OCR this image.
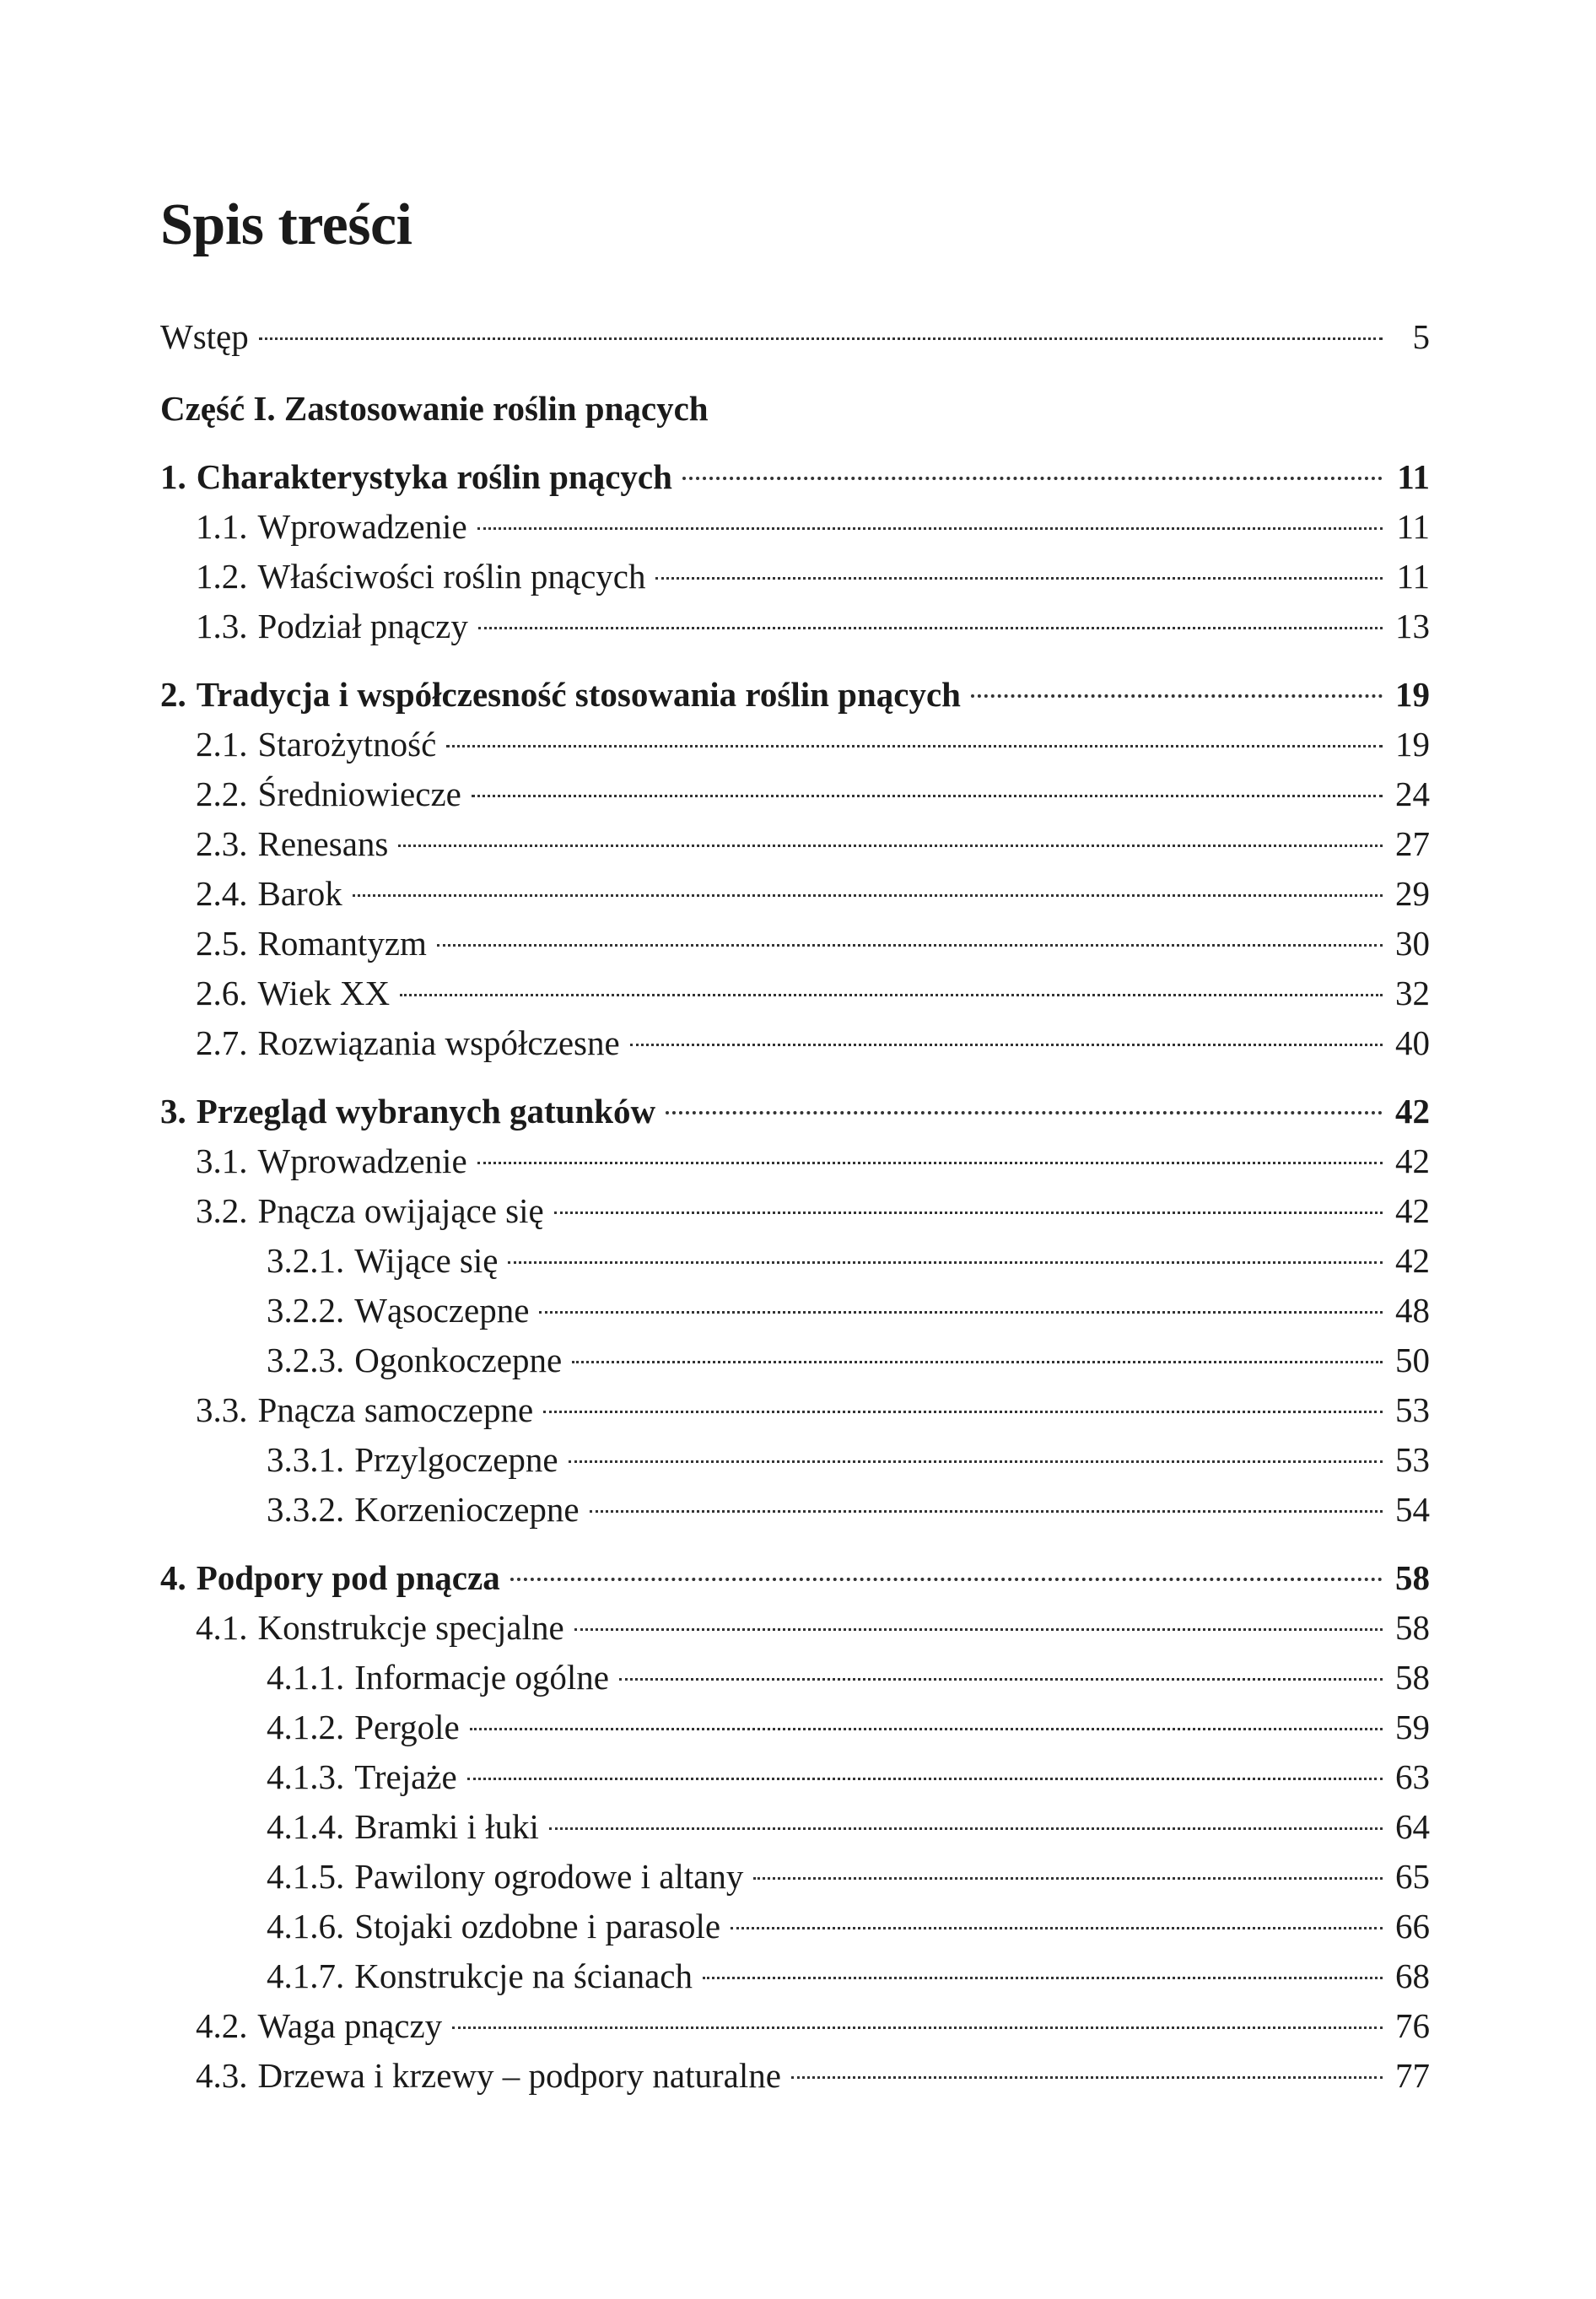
Spis treści
Wstęp	5
Część I. Zastosowanie roślin pnących
1. Charakterystyka roślin pnących	11
1.1. Wprowadzenie	11
1.2. Właściwości roślin pnących	11
1.3. Podział pnączy	13
2. Tradycja i współczesność stosowania roślin pnących	19
2.1. Starożytność	19
2.2. Średniowiecze	24
2.3. Renesans	27
2.4. Barok	29
2.5. Romantyzm	30
2.6. Wiek XX	32
2.7. Rozwiązania współczesne	40
3. Przegląd wybranych gatunków	42
3.1. Wprowadzenie	42
3.2. Pnącza owijające się	42
3.2.1. Wijące się	42
3.2.2. Wąsoczepne	48
3.2.3. Ogonkoczepne	50
3.3. Pnącza samoczepne	53
3.3.1. Przylgoczepne	53
3.3.2. Korzenioczepne	54
4. Podpory pod pnącza	58
4.1. Konstrukcje specjalne	58
4.1.1. Informacje ogólne	58
4.1.2. Pergole	59
4.1.3. Trejaże	63
4.1.4. Bramki i łuki	64
4.1.5. Pawilony ogrodowe i altany	65
4.1.6. Stojaki ozdobne i parasole	66
4.1.7. Konstrukcje na ścianach	68
4.2. Waga pnączy	76
4.3. Drzewa i krzewy – podpory naturalne	77
